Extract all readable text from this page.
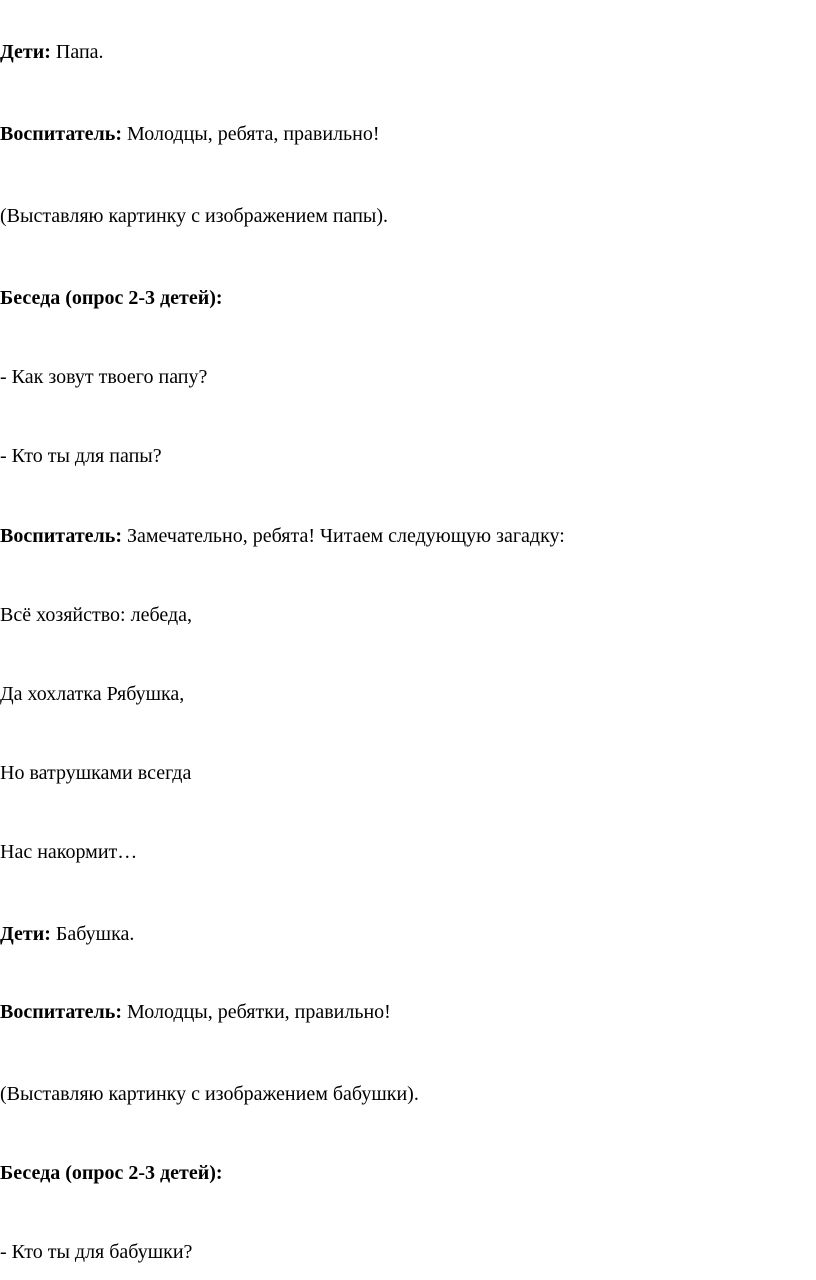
Дети: Папа.

Воспитатель: Молодцы, ребята, правильно!

(Выставляю картинку с изображением папы).

Беседа (опрос 2-3 детей):

- Как зовут твоего папу?

- Кто ты для папы?

Воспитатель: Замечательно, ребята! Читаем следующую загадку:

Всё хозяйство: лебеда,

Да хохлатка Рябушка,

Но ватрушками всегда

Нас накормит…

Дети: Бабушка.

Воспитатель: Молодцы, ребятки, правильно!

(Выставляю картинку с изображением бабушки).

Беседа (опрос 2-3 детей):

- Кто ты для бабушки?
